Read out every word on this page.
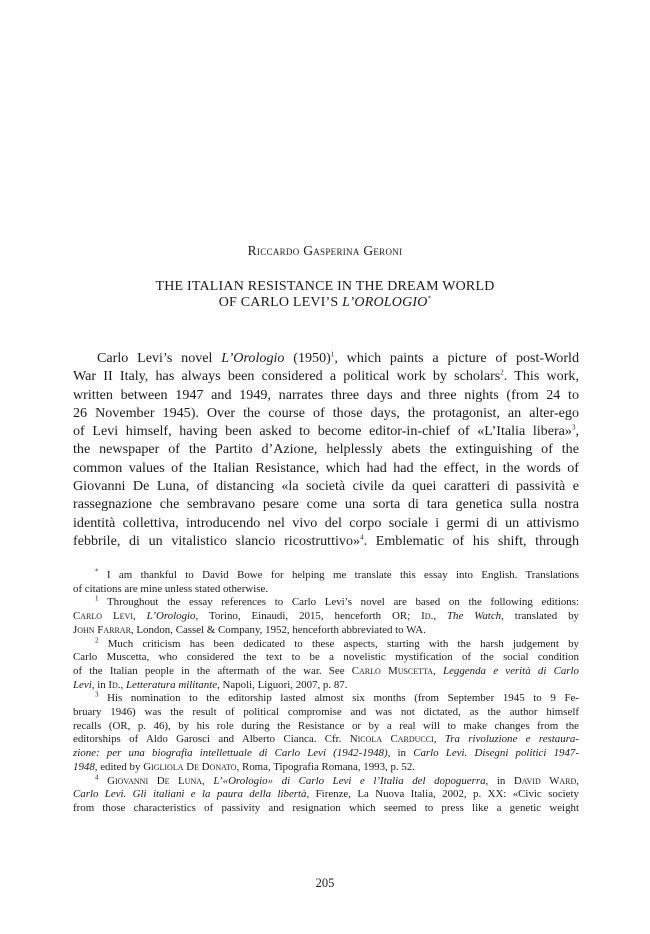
Riccardo Gasperina Geroni
THE ITALIAN RESISTANCE IN THE DREAM WORLD
OF CARLO LEVI’S L’OROLOGIO*
Carlo Levi’s novel L’Orologio $(1950)^1$, which paints a picture of post-World
War II Italy, has always been considered a political work by scholars$^2$. This work,
written between 1947 and 1949, narrates three days and three nights (from 24 to
26 November 1945). Over the course of those days, the protagonist, an alter-ego
of Levi himself, having been asked to become editor-in-chief of «L’Italia libera»$^3$,
the newspaper of the Partito d’Azione, helplessly abets the extinguishing of the
common values of the Italian Resistance, which had had the effect, in the words of
Giovanni De Luna, of distancing «la società civile da quei caratteri di passività e
rassegnazione che sembravano pesare come una sorta di tara genetica sulla nostra
identità collettiva, introducendo nel vivo del corpo sociale i germi di un attivismo
febbrile, di un vitalistico slancio ricostruttivo»$^4$. Emblematic of his shift, through
* I am thankful to David Bowe for helping me translate this essay into English. Translations
of citations are mine unless stated otherwise.
$^1$ Throughout the essay references to Carlo Levi’s novel are based on the following editions:
Carlo Levi, L’Orologio, Torino, Einaudi, 2015, henceforth OR; Id., The Watch, translated by
John Farrar, London, Cassel & Company, 1952, henceforth abbreviated to WA.
$^2$ Much criticism has been dedicated to these aspects, starting with the harsh judgement by
Carlo Muscetta, who considered the text to be a novelistic mystification of the social condition
of the Italian people in the aftermath of the war. See Carlo Muscetta, Leggenda e verità di Carlo
Levi, in Id., Letteratura militante, Napoli, Liguori, 2007, p. 87.
$^3$ His nomination to the editorship lasted almost six months (from September 1945 to 9 Fe-
bruary 1946) was the result of political compromise and was not dictated, as the author himself
recalls (OR, p. 46), by his role during the Resistance or by a real will to make changes from the
editorships of Aldo Garosci and Alberto Cianca. Cfr. Nicola Carducci, Tra rivoluzione e restaura-
zione: per una biografia intellettuale di Carlo Levi (1942-1948), in Carlo Levi. Disegni politici 1947-
1948, edited by Gigliola De Donato, Roma, Tipografia Romana, 1993, p. 52.
$^4$ Giovanni De Luna, L’«Orologio» di Carlo Levi e l’Italia del dopoguerra, in David Ward,
Carlo Levi. Gli italiani e la paura della libertà, Firenze, La Nuova Italia, 2002, p. XX: «Civic society
from those characteristics of passivity and resignation which seemed to press like a genetic weight
205
